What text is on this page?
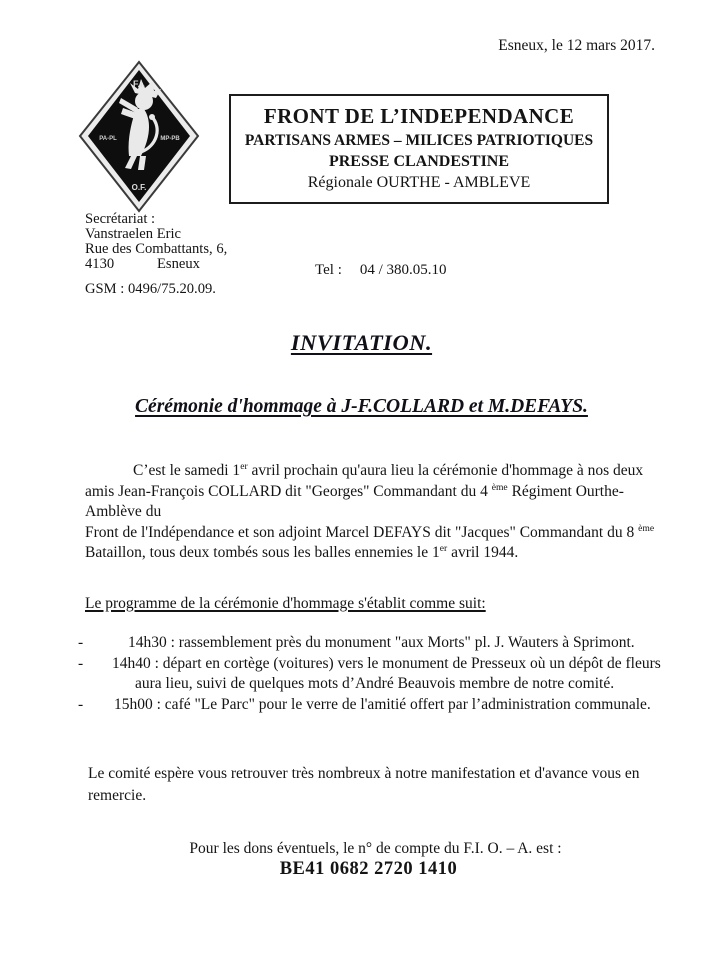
Esneux, le 12 mars 2017.
F.I.
PA-PL	MP-PB
O.F.
FRONT DE L’INDEPENDANCE
PARTISANS ARMES – MILICES PATRIOTIQUES
PRESSE CLANDESTINE
Régionale OURTHE - AMBLEVE
Secrétariat :
Vanstraelen Eric
Rue des Combattants, 6,
4130	Esneux
GSM : 0496/75.20.09.
Tel : 04 / 380.05.10
INVITATION.
Cérémonie d'hommage à J-F.COLLARD et M.DEFAYS.
C’est le samedi 1er avril prochain qu'aura lieu la cérémonie d'hommage à nos deux
amis Jean-François COLLARD dit "Georges" Commandant du 4 $^{ème}$ Régiment Ourthe-
Amblève du
Front de l'Indépendance et son adjoint Marcel DEFAYS dit "Jacques" Commandant du 8 $^{ème}$
Bataillon, tous deux tombés sous les balles ennemies le 1er avril 1944.
Le programme de la cérémonie d'hommage s'établit comme suit:
-	14h30 : rassemblement près du monument "aux Morts" pl. J. Wauters à Sprimont.
- 14h40 : départ en cortège (voitures) vers le monument de Presseux où un dépôt de fleurs
aura lieu, suivi de quelques mots d’André Beauvois membre de notre comité.
- 15h00 : café "Le Parc" pour le verre de l'amitié offert par l’administration communale.
Le comité espère vous retrouver très nombreux à notre manifestation et d'avance vous en
remercie.
Pour les dons éventuels, le n° de compte du F.I. O. – A. est :
BE41 0682 2720 1410
